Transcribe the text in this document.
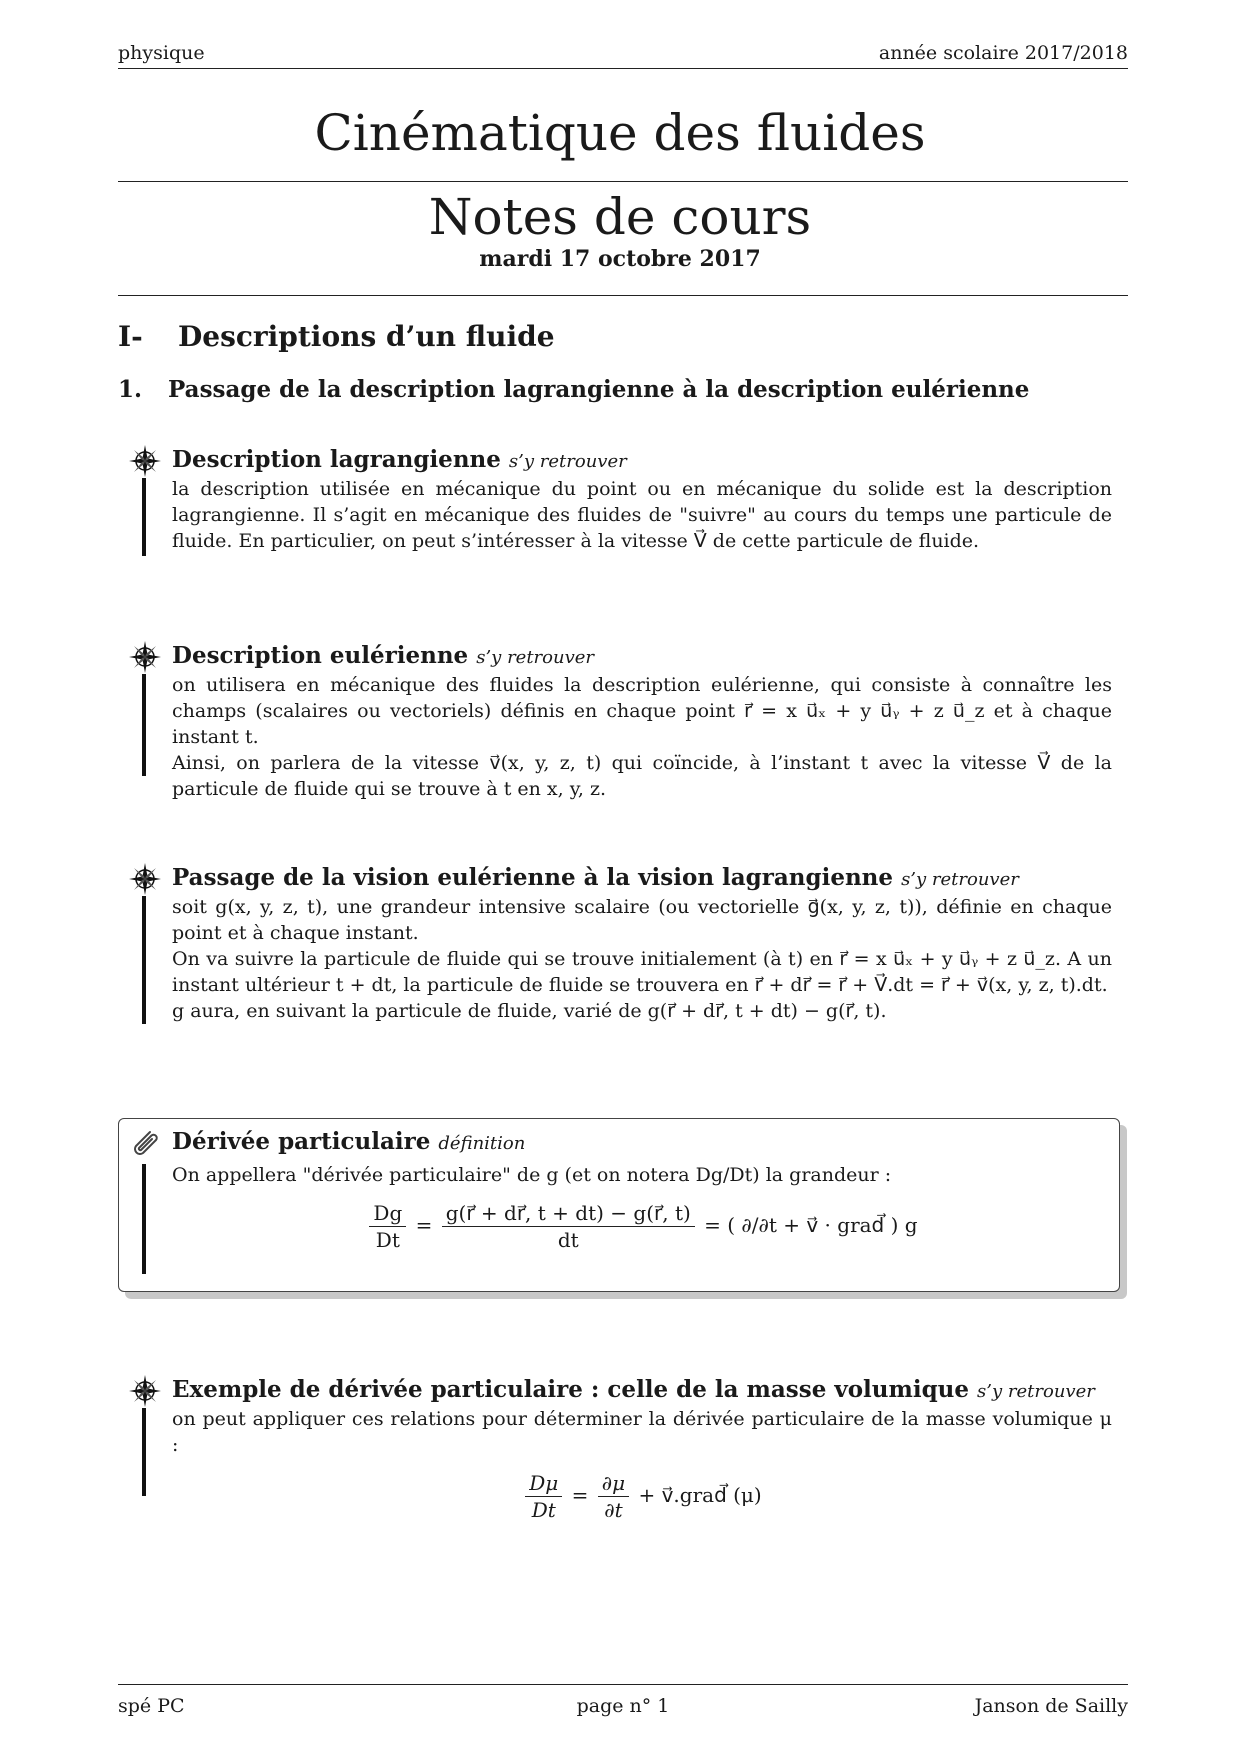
physique	année scolaire 2017/2018
Cinématique des fluides
Notes de cours
mardi 17 octobre 2017
I- Descriptions d’un fluide
1. Passage de la description lagrangienne à la description eulérienne
Description lagrangienne s’y retrouver

la description utilisée en mécanique du point ou en mécanique du solide est la description lagrangienne. Il s’agit en mécanique des fluides de "suivre" au cours du temps une particule de fluide. En particulier, on peut s’intéresser à la vitesse V⃗ de cette particule de fluide.

Description eulérienne s’y retrouver

on utilisera en mécanique des fluides la description eulérienne, qui consiste à connaître les champs (scalaires ou vectoriels) définis en chaque point r⃗ = x u⃗ₓ + y u⃗ᵧ + z u⃗_z et à chaque instant t.

Ainsi, on parlera de la vitesse v⃗(x, y, z, t) qui coïncide, à l’instant t avec la vitesse V⃗ de la particule de fluide qui se trouve à t en x, y, z.

Passage de la vision eulérienne à la vision lagrangienne s’y retrouver

soit g(x, y, z, t), une grandeur intensive scalaire (ou vectorielle g⃗(x, y, z, t)), définie en chaque point et à chaque instant.

On va suivre la particule de fluide qui se trouve initialement (à t) en r⃗ = x u⃗ₓ + y u⃗ᵧ + z u⃗_z. A un instant ultérieur t + dt, la particule de fluide se trouvera en r⃗ + dr⃗ = r⃗ + V⃗.dt = r⃗ + v⃗(x, y, z, t).dt.

g aura, en suivant la particule de fluide, varié de g(r⃗ + dr⃗, t + dt) − g(r⃗, t).

Dérivée particulaire définition

On appellera "dérivée particulaire" de g (et on notera Dg/Dt) la grandeur :

$\frac{Dg}{Dt} = \frac{g(r⃗ + dr⃗, t + dt) - g(r⃗, t)}{dt}$ = ( ∂/∂t + v⃗ · grad⃗ ) g
Exemple de dérivée particulaire : celle de la masse volumique s’y retrouver

on peut appliquer ces relations pour déterminer la dérivée particulaire de la masse volumique μ :

$\frac{D\mu}{Dt} = \frac{\partial\mu}{\partial t}$ + v⃗.grad⃗ (μ)
spé PC	page n° 1	Janson de Sailly
